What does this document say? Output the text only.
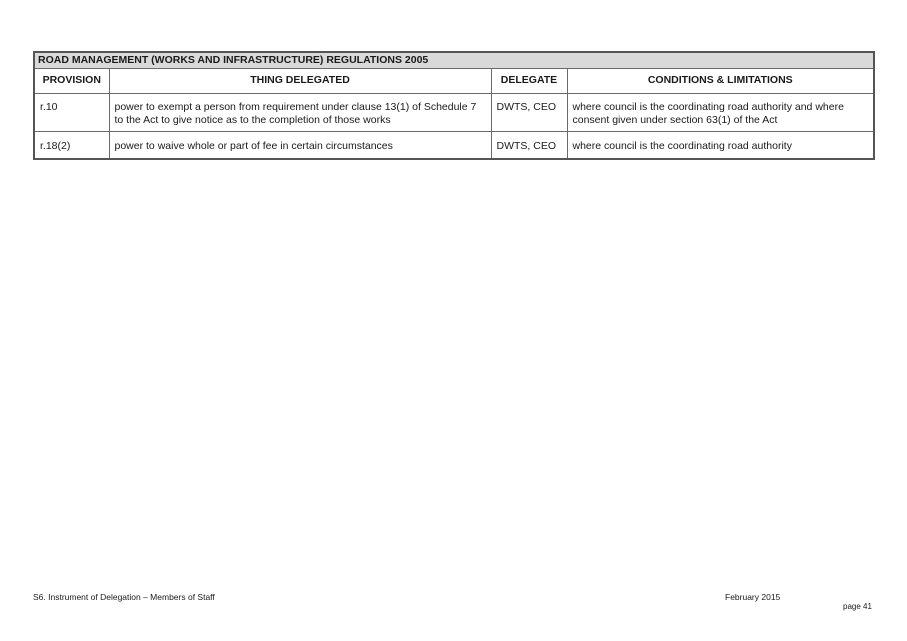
ROAD MANAGEMENT (WORKS AND INFRASTRUCTURE) REGULATIONS 2005			
PROVISION	THING DELEGATED	DELEGATE	CONDITIONS & LIMITATIONS
r.10	power to exempt a person from requirement under clause 13(1) of Schedule 7 to the Act to give notice as to the completion of those works	DWTS, CEO	where council is the coordinating road authority and where consent given under section 63(1) of the Act
r.18(2)	power to waive whole or part of fee in certain circumstances	DWTS, CEO	where council is the coordinating road authority
S6. Instrument of Delegation – Members of Staff	February 2015
page 41
